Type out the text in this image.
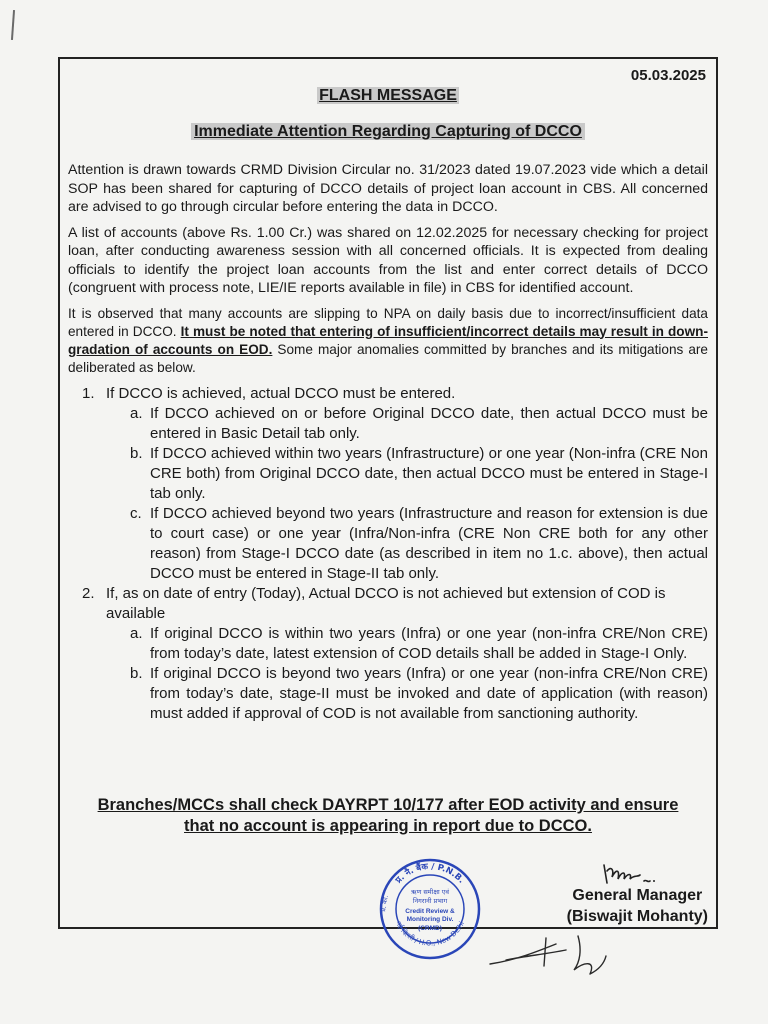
05.03.2025
FLASH MESSAGE
Immediate Attention Regarding Capturing of DCCO

Attention is drawn towards CRMD Division Circular no. 31/2023 dated 19.07.2023 vide which a detail SOP has been shared for capturing of DCCO details of project loan account in CBS. All concerned are advised to go through circular before entering the data in DCCO.

A list of accounts (above Rs. 1.00 Cr.) was shared on 12.02.2025 for necessary checking for project loan, after conducting awareness session with all concerned officials. It is expected from dealing officials to identify the project loan accounts from the list and enter correct details of DCCO (congruent with process note, LIE/IE reports available in file) in CBS for identified account.

It is observed that many accounts are slipping to NPA on daily basis due to incorrect/insufficient data entered in DCCO. It must be noted that entering of insufficient/incorrect details may result in down-gradation of accounts on EOD. Some major anomalies committed by branches and its mitigations are deliberated as below.

1. If DCCO is achieved, actual DCCO must be entered.
a. If DCCO achieved on or before Original DCCO date, then actual DCCO must be entered in Basic Detail tab only.
b. If DCCO achieved within two years (Infrastructure) or one year (Non-infra (CRE Non CRE both) from Original DCCO date, then actual DCCO must be entered in Stage-I tab only.
c. If DCCO achieved beyond two years (Infrastructure and reason for extension is due to court case) or one year (Infra/Non-infra (CRE Non CRE both for any other reason) from Stage-I DCCO date (as described in item no 1.c. above), then actual DCCO must be entered in Stage-II tab only.
2. If, as on date of entry (Today), Actual DCCO is not achieved but extension of COD is available
a. If original DCCO is within two years (Infra) or one year (non-infra CRE/Non CRE) from today’s date, latest extension of COD details shall be added in Stage-I Only.
b. If original DCCO is beyond two years (Infra) or one year (non-infra CRE/Non CRE) from today’s date, stage-II must be invoked and date of application (with reason) must added if approval of COD is not available from sanctioning authority.
Branches/MCCs shall check DAYRPT 10/177 after EOD activity and ensure
that no account is appearing in report due to DCCO.
प्र. नै. बैंक / P.N.B.
नई दिल्ली / H.O., New Delhi
प्र. का.
ऋण समीक्षा एवं
निगरानी प्रभाग
Credit Review &
Monitoring Div.
(CRMD)
General Manager
(Biswajit Mohanty)
